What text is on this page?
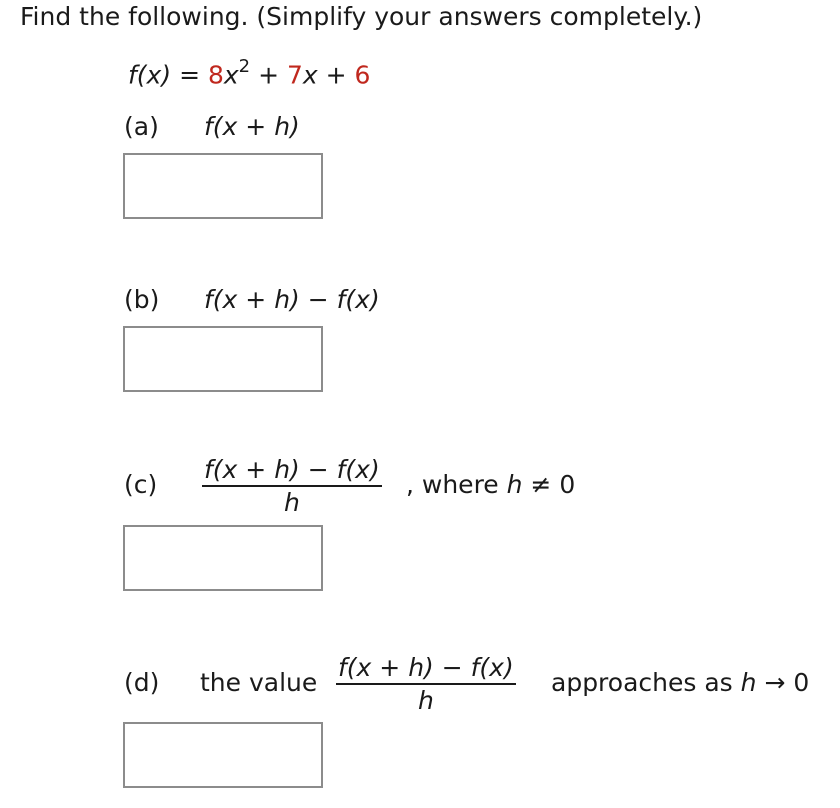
Find the following. (Simplify your answers completely.)
$f(x) = 8x^2 + 7x + 6$
(a) f(x + h)
(b) f(x + h) − f(x)
$(c) \frac{f(x + h) - f(x)}{h}$ , where h ≠ 0
(d) the value $\frac{f(x + h) - f(x)}{h}$ approaches as h → 0
